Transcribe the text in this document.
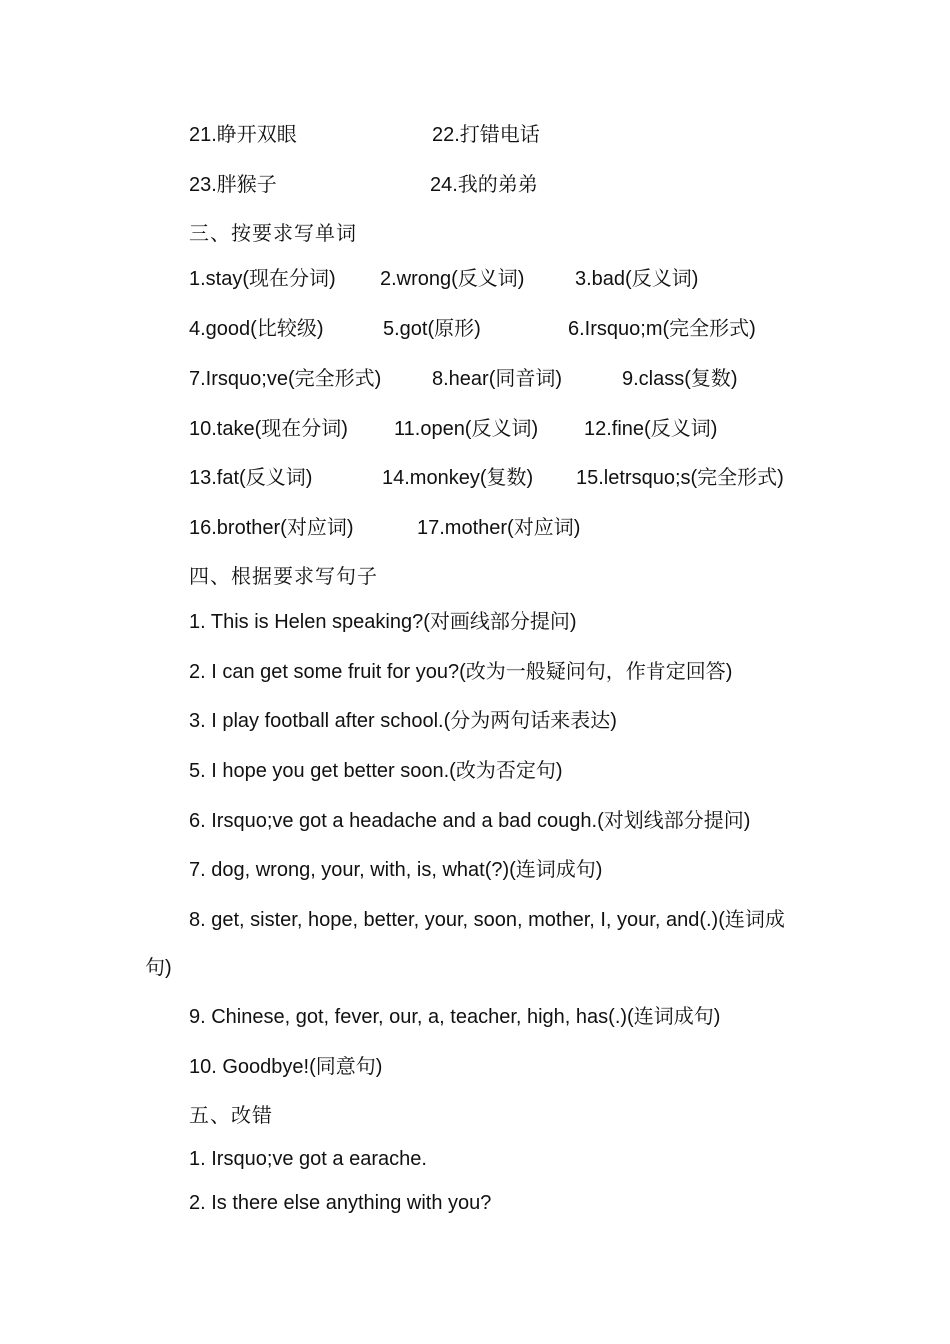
21.睁开双眼	22.打错电话
23.胖猴子	24.我的弟弟
三、按要求写单词
1.stay(现在分词) 2.wrong(反义词)	3.bad(反义词)
4.good(比较级)	5.got(原形)	6.Irsquo;m(完全形式)
7.Irsquo;ve(完全形式)	8.hear(同音词)	9.class(复数)
10.take(现在分词) 11.open(反义词) 12.fine(反义词)
13.fat(反义词)	14.monkey(复数) 15.letrsquo;s(完全形式)
16.brother(对应词)	17.mother(对应词)
四、根据要求写句子
1. This is Helen speaking?(对画线部分提问)
2. I can get some fruit for you?(改为一般疑问句，作肯定回答)
3. I play football after school.(分为两句话来表达)
5. I hope you get better soon.(改为否定句)
6. Irsquo;ve got a headache and a bad cough.(对划线部分提问)
7. dog, wrong, your, with, is, what(?)(连词成句)
8. get, sister, hope, better, your, soon, mother, I, your, and(.)(连词成
句)
9. Chinese, got, fever, our, a, teacher, high, has(.)(连词成句)
10. Goodbye!(同意句)
五、改错
1. Irsquo;ve got a earache.
2. Is there else anything with you?
